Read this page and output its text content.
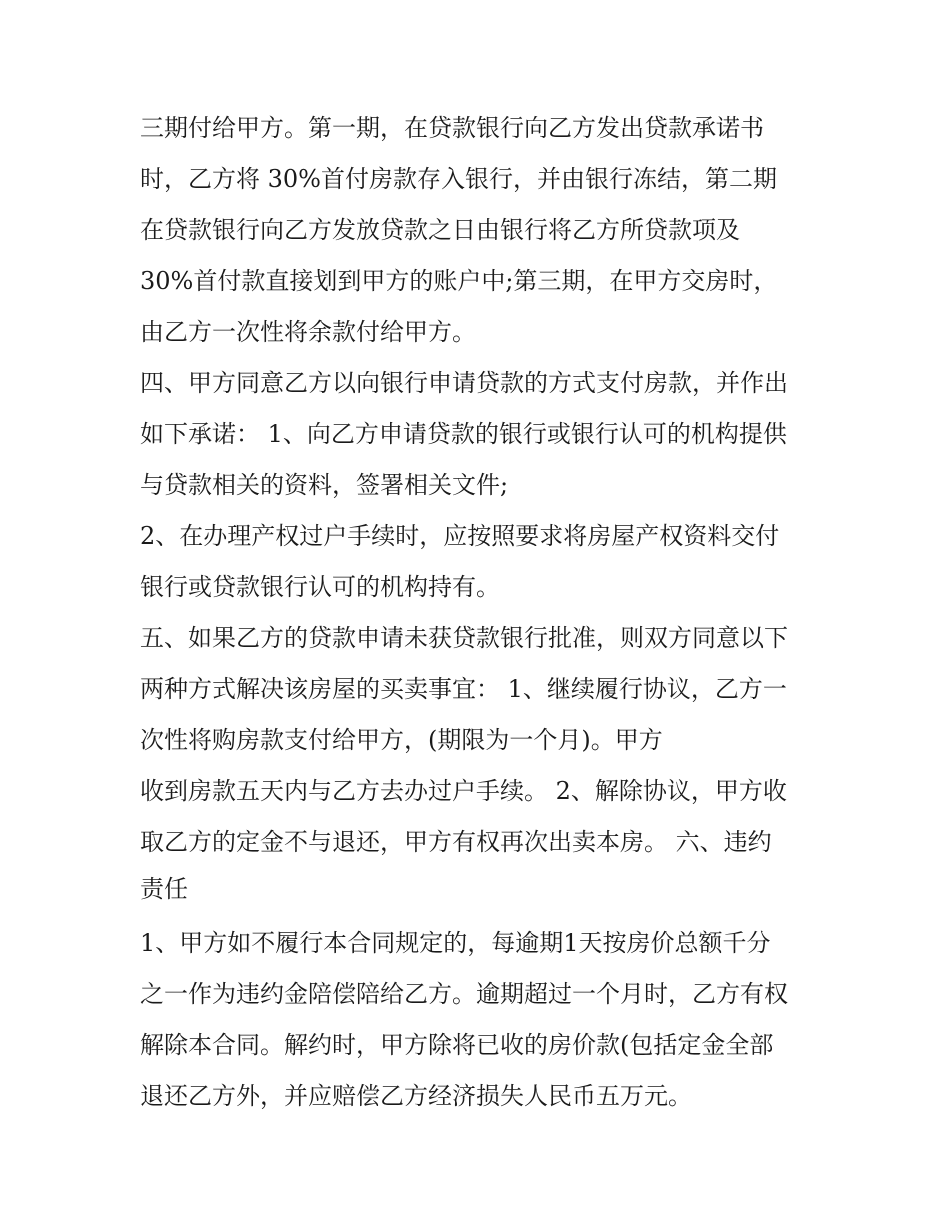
三期付给甲方。第一期，在贷款银行向乙方发出贷款承诺书
时，乙方将 30%首付房款存入银行，并由银行冻结，第二期
在贷款银行向乙方发放贷款之日由银行将乙方所贷款项及
30%首付款直接划到甲方的账户中;第三期，在甲方交房时，
由乙方一次性将余款付给甲方。
四、甲方同意乙方以向银行申请贷款的方式支付房款，并作出
如下承诺： 1、向乙方申请贷款的银行或银行认可的机构提供
与贷款相关的资料，签署相关文件;
2、在办理产权过户手续时，应按照要求将房屋产权资料交付
银行或贷款银行认可的机构持有。
五、如果乙方的贷款申请未获贷款银行批准，则双方同意以下
两种方式解决该房屋的买卖事宜： 1、继续履行协议，乙方一
次性将购房款支付给甲方，(期限为一个月)。甲方
收到房款五天内与乙方去办过户手续。 2、解除协议，甲方收
取乙方的定金不与退还，甲方有权再次出卖本房。 六、违约
责任
1、甲方如不履行本合同规定的，每逾期1天按房价总额千分
之一作为违约金陪偿陪给乙方。逾期超过一个月时，乙方有权
解除本合同。解约时，甲方除将已收的房价款(包括定金全部
退还乙方外，并应赔偿乙方经济损失人民币五万元。
